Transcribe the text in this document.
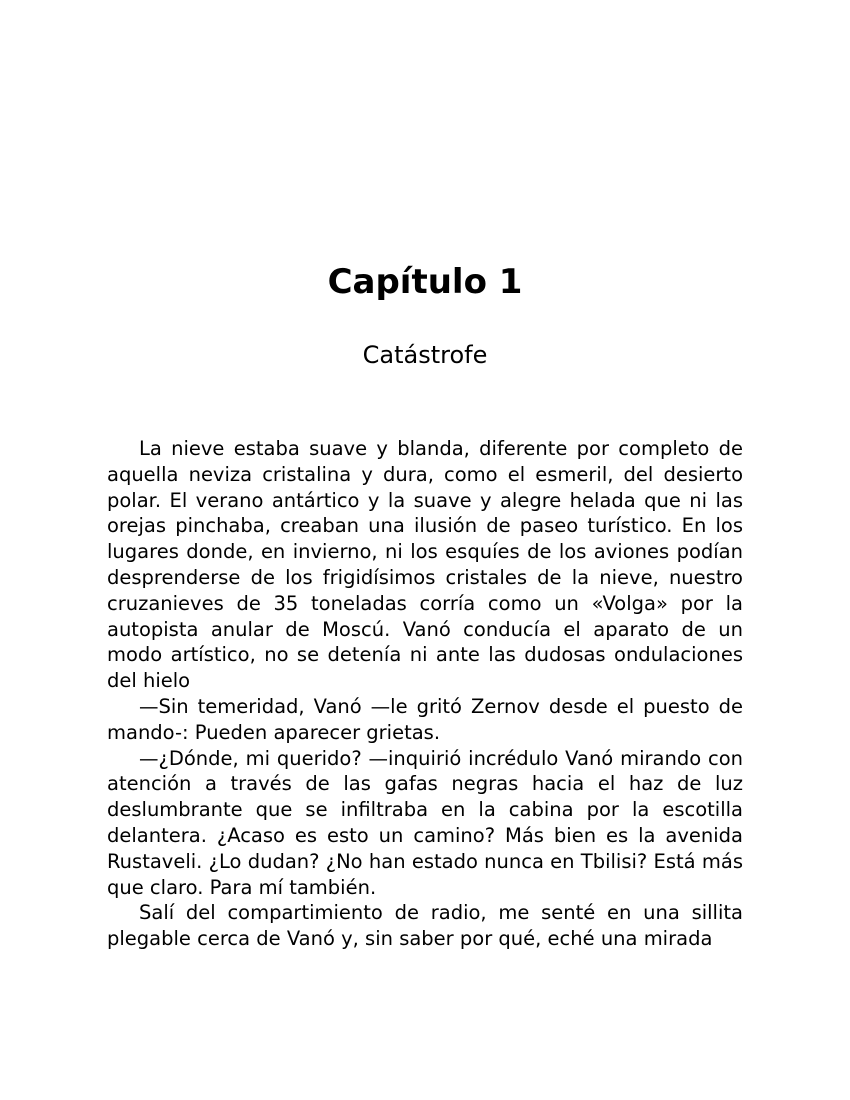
Capítulo 1
Catástrofe

La nieve estaba suave y blanda, diferente por completo de aquella neviza cristalina y dura, como el esmeril, del desierto polar. El verano antártico y la suave y alegre helada que ni las orejas pinchaba, creaban una ilusión de paseo turístico. En los lugares donde, en invierno, ni los esquíes de los aviones podían desprenderse de los frigidísimos cristales de la nieve, nuestro cruzanieves de 35 toneladas corría como un «Volga» por la autopista anular de Moscú. Vanó conducía el aparato de un modo artístico, no se detenía ni ante las dudosas ondulaciones del hielo

—Sin temeridad, Vanó —le gritó Zernov desde el puesto de mando-: Pueden aparecer grietas.

—¿Dónde, mi querido? —inquirió incrédulo Vanó mirando con atención a través de las gafas negras hacia el haz de luz deslumbrante que se infiltraba en la cabina por la escotilla delantera. ¿Acaso es esto un camino? Más bien es la avenida Rustaveli. ¿Lo dudan? ¿No han estado nunca en Tbilisi? Está más que claro. Para mí también.

Salí del compartimiento de radio, me senté en una sillita plegable cerca de Vanó y, sin saber por qué, eché una mirada
